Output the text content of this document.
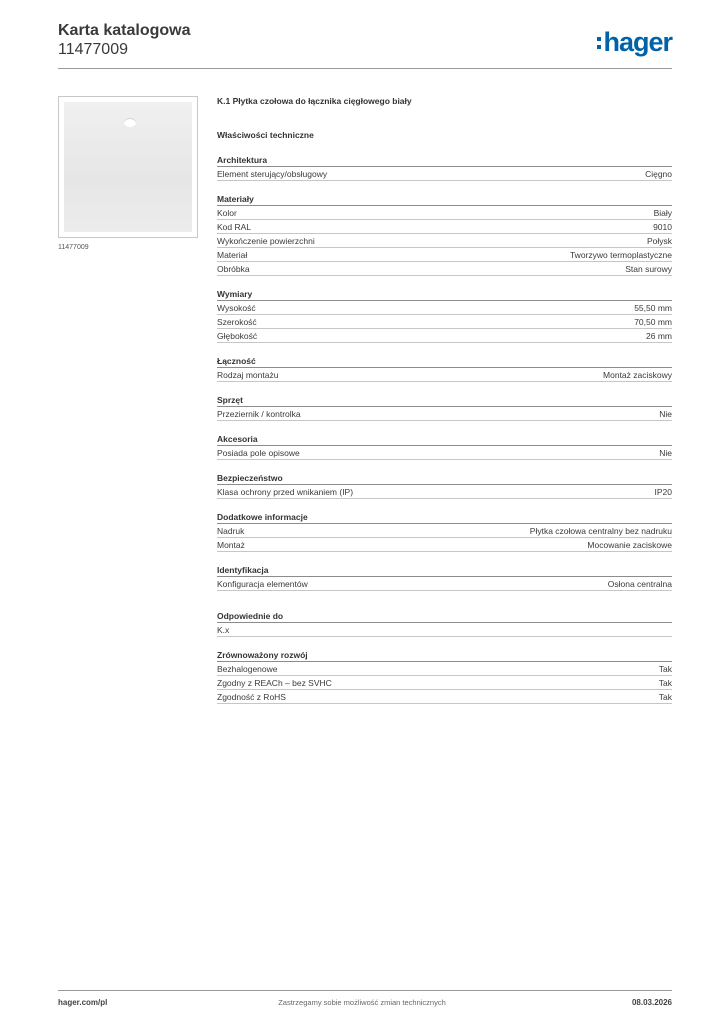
Karta katalogowa
11477009	hager
11477009
K.1 Płytka czołowa do łącznika cięgłowego biały
Właściwości techniczne
Architektura
Element sterujący/obsługowy	Cięgno
Materiały
Kolor	Biały
Kod RAL	9010
Wykończenie powierzchni	Połysk
Materiał	Tworzywo termoplastyczne
Obróbka	Stan surowy
Wymiary
Wysokość	55,50 mm
Szerokość	70,50 mm
Głębokość	26 mm
Łączność
Rodzaj montażu	Montaż zaciskowy
Sprzęt
Przeziernik / kontrolka	Nie
Akcesoria
Posiada pole opisowe	Nie
Bezpieczeństwo
Klasa ochrony przed wnikaniem (IP)	IP20
Dodatkowe informacje
Nadruk	Płytka czołowa centralny bez nadruku
Montaż	Mocowanie zaciskowe
Identyfikacja
Konfiguracja elementów	Osłona centralna
Odpowiednie do
K.x
Zrównoważony rozwój
Bezhalogenowe	Tak
Zgodny z REACh – bez SVHC	Tak
Zgodność z RoHS	Tak
hager.com/pl	Zastrzegamy sobie możliwość zmian technicznych	08.03.2026
